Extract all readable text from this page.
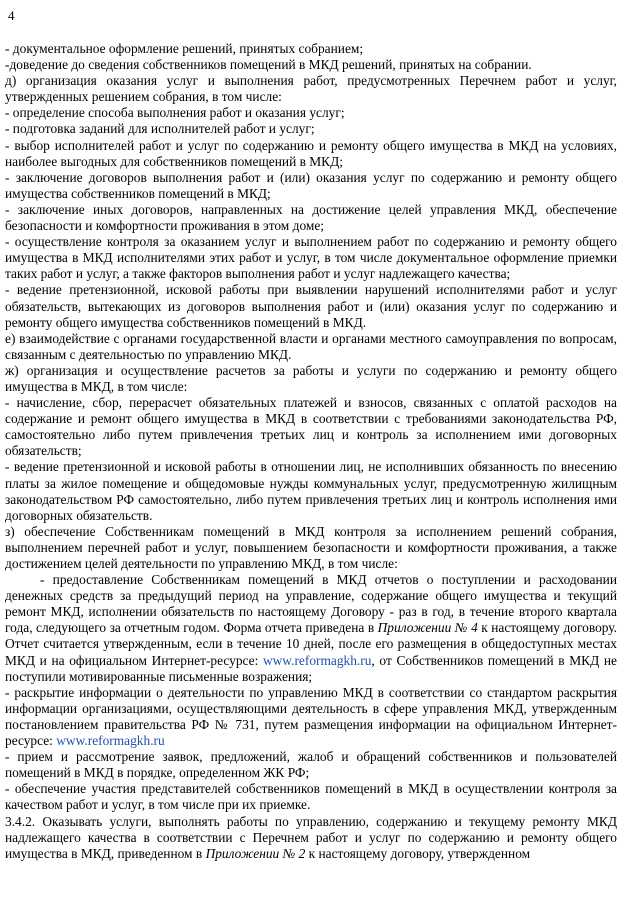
4

- документальное оформление решений, принятых собранием;

-доведение до сведения собственников помещений в МКД решений, принятых на собрании.

д) организация оказания услуг и выполнения работ, предусмотренных Перечнем работ и услуг, утвержденных решением собрания, в том числе:

- определение способа выполнения работ и оказания услуг;

- подготовка заданий для исполнителей работ и услуг;

- выбор исполнителей работ и услуг по содержанию и ремонту общего имущества в МКД на условиях, наиболее выгодных для собственников помещений в МКД;

- заключение договоров выполнения работ и (или) оказания услуг по содержанию и ремонту общего имущества собственников помещений в МКД;

- заключение иных договоров, направленных на достижение целей управления МКД, обеспечение безопасности и комфортности проживания в этом доме;

- осуществление контроля за оказанием услуг и выполнением работ по содержанию и ремонту общего имущества в МКД исполнителями этих работ и услуг, в том числе документальное оформление приемки таких работ и услуг, а также факторов выполнения работ и услуг надлежащего качества;

- ведение претензионной, исковой работы при выявлении нарушений исполнителями работ и услуг обязательств, вытекающих из договоров выполнения работ и (или) оказания услуг по содержанию и ремонту общего имущества собственников помещений в МКД.

е) взаимодействие с органами государственной власти и органами местного самоуправления по вопросам, связанным с деятельностью по управлению МКД.

ж) организация и осуществление расчетов за работы и услуги по содержанию и ремонту общего имущества в МКД, в том числе:

- начисление, сбор, перерасчет обязательных платежей и взносов, связанных с оплатой расходов на содержание и ремонт общего имущества в МКД в соответствии с требованиями законодательства РФ, самостоятельно либо путем привлечения третьих лиц и контроль за исполнением ими договорных обязательств;

- ведение претензионной и исковой работы в отношении лиц, не исполнивших обязанность по внесению платы за жилое помещение и общедомовые нужды коммунальных услуг, предусмотренную жилищным законодательством РФ самостоятельно, либо путем привлечения третьих лиц и контроль исполнения ими договорных обязательств.

з) обеспечение Собственникам помещений в МКД контроля за исполнением решений собрания, выполнением перечней работ и услуг, повышением безопасности и комфортности проживания, а также достижением целей деятельности по управлению МКД, в том числе:

- предоставление Собственникам помещений в МКД отчетов о поступлении и расходовании денежных средств за предыдущий период на управление, содержание общего имущества и текущий ремонт МКД, исполнении обязательств по настоящему Договору - раз в год, в течение второго квартала года, следующего за отчетным годом. Форма отчета приведена в Приложении № 4 к настоящему договору. Отчет считается утвержденным, если в течение 10 дней, после его размещения в общедоступных местах МКД и на официальном Интернет-ресурсе: www.reformagkh.ru, от Собственников помещений в МКД не поступили мотивированные письменные возражения;

- раскрытие информации о деятельности по управлению МКД в соответствии со стандартом раскрытия информации организациями, осуществляющими деятельность в сфере управления МКД, утвержденным постановлением правительства РФ № 731, путем размещения информации на официальном Интернет-ресурсе: www.reformagkh.ru

- прием и рассмотрение заявок, предложений, жалоб и обращений собственников и пользователей помещений в МКД в порядке, определенном ЖК РФ;

- обеспечение участия представителей собственников помещений в МКД в осуществлении контроля за качеством работ и услуг, в том числе при их приемке.

3.4.2. Оказывать услуги, выполнять работы по управлению, содержанию и текущему ремонту МКД надлежащего качества в соответствии с Перечнем работ и услуг по содержанию и ремонту общего имущества в МКД, приведенном в Приложении № 2 к настоящему договору, утвержденном
